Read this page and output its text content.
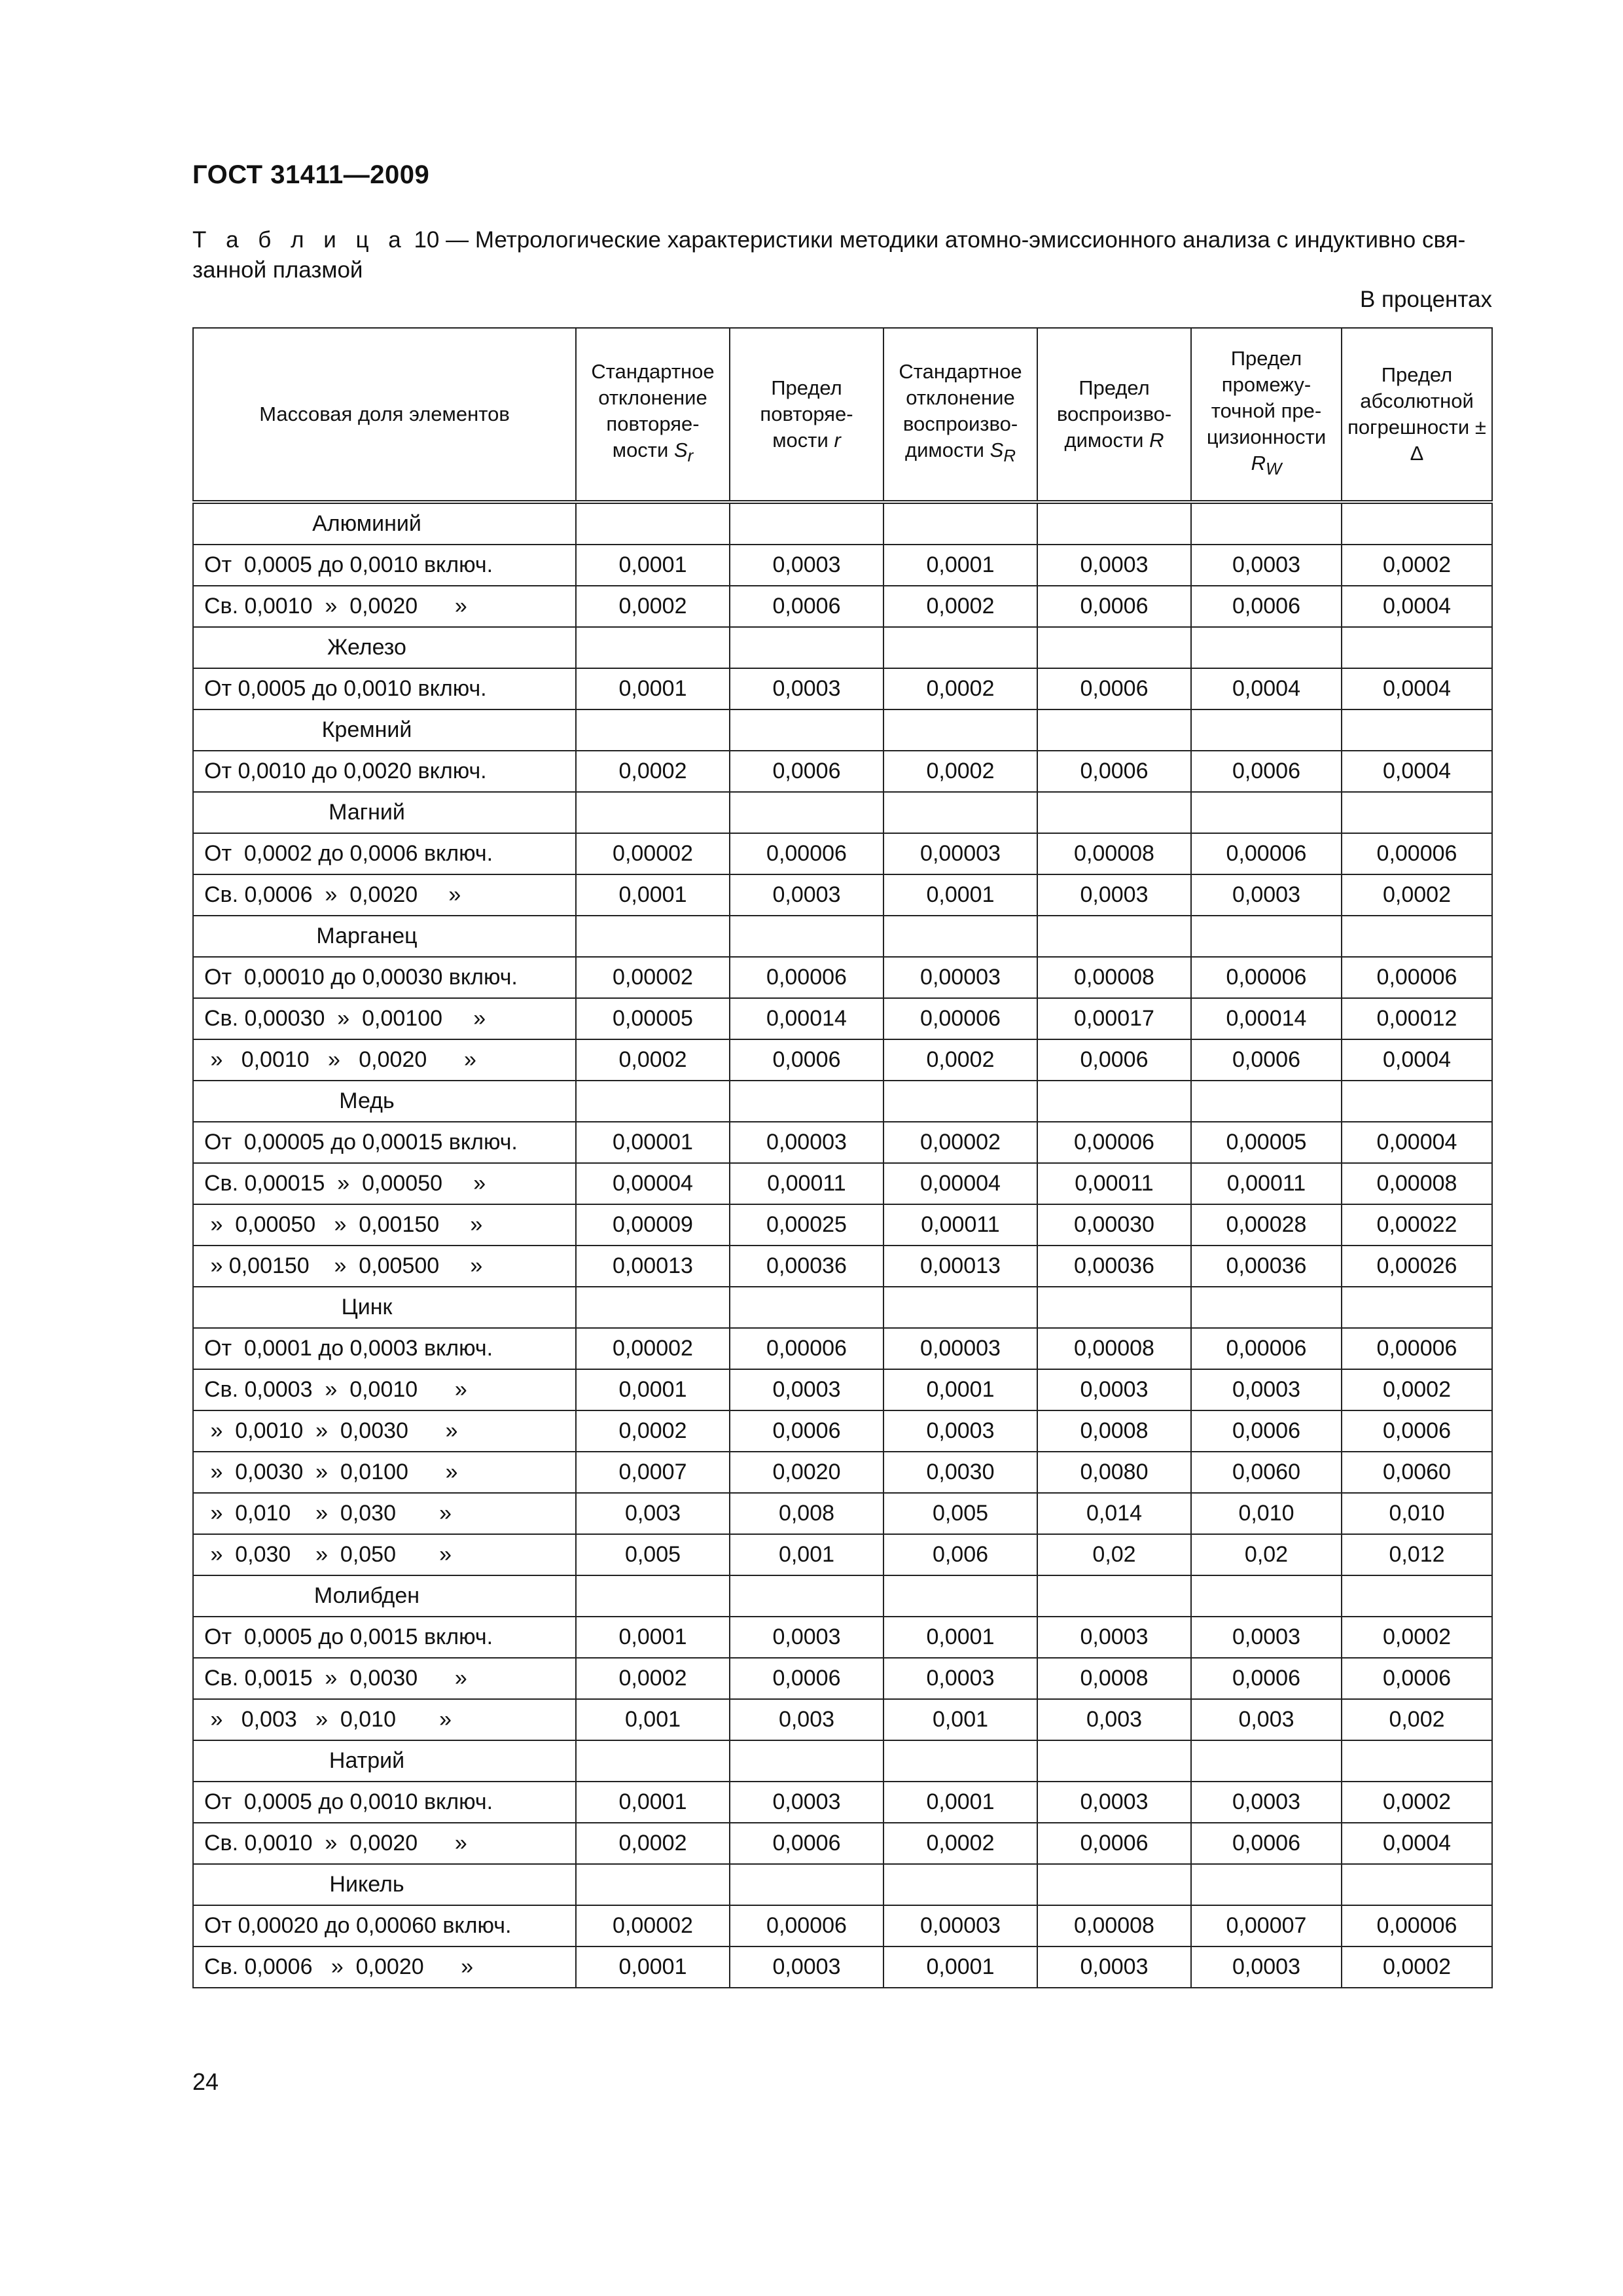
ГОСТ 31411—2009
Т а б л и ц а 10 — Метрологические характеристики методики атомно-эмиссионного анализа с индуктивно свя-занной плазмой
В процентах
Массовая доля элементов	Стандартное отклонение повторяе-мости $S_r$	Предел повторяе-мости r	Стандартное отклонение воспроизво-димости $S_R$	Предел воспроизво-димости R	Предел промежу-точной пре-цизионности $R_W$	Предел абсолютной погрешности ± Δ
Алюминий						
От  0,0005 до 0,0010 включ.	0,0001	0,0003	0,0001	0,0003	0,0003	0,0002
Св. 0,0010  »  0,0020      »	0,0002	0,0006	0,0002	0,0006	0,0006	0,0004
Железо						
От 0,0005 до 0,0010 включ.	0,0001	0,0003	0,0002	0,0006	0,0004	0,0004
Кремний						
От 0,0010 до 0,0020 включ.	0,0002	0,0006	0,0002	0,0006	0,0006	0,0004
Магний						
От  0,0002 до 0,0006 включ.	0,00002	0,00006	0,00003	0,00008	0,00006	0,00006
Св. 0,0006  »  0,0020     »	0,0001	0,0003	0,0001	0,0003	0,0003	0,0002
Марганец						
От  0,00010 до 0,00030 включ.	0,00002	0,00006	0,00003	0,00008	0,00006	0,00006
Св. 0,00030  »  0,00100     »	0,00005	0,00014	0,00006	0,00017	0,00014	0,00012
»   0,0010   »   0,0020      »	0,0002	0,0006	0,0002	0,0006	0,0006	0,0004
Медь						
От  0,00005 до 0,00015 включ.	0,00001	0,00003	0,00002	0,00006	0,00005	0,00004
Св. 0,00015  »  0,00050     »	0,00004	0,00011	0,00004	0,00011	0,00011	0,00008
»  0,00050   »  0,00150     »	0,00009	0,00025	0,00011	0,00030	0,00028	0,00022
» 0,00150    »  0,00500     »	0,00013	0,00036	0,00013	0,00036	0,00036	0,00026
Цинк						
От  0,0001 до 0,0003 включ.	0,00002	0,00006	0,00003	0,00008	0,00006	0,00006
Св. 0,0003  »  0,0010      »	0,0001	0,0003	0,0001	0,0003	0,0003	0,0002
»  0,0010  »  0,0030      »	0,0002	0,0006	0,0003	0,0008	0,0006	0,0006
»  0,0030  »  0,0100      »	0,0007	0,0020	0,0030	0,0080	0,0060	0,0060
»  0,010    »  0,030       »	0,003	0,008	0,005	0,014	0,010	0,010
»  0,030    »  0,050       »	0,005	0,001	0,006	0,02	0,02	0,012
Молибден						
От  0,0005 до 0,0015 включ.	0,0001	0,0003	0,0001	0,0003	0,0003	0,0002
Св. 0,0015  »  0,0030      »	0,0002	0,0006	0,0003	0,0008	0,0006	0,0006
»   0,003   »  0,010       »	0,001	0,003	0,001	0,003	0,003	0,002
Натрий						
От  0,0005 до 0,0010 включ.	0,0001	0,0003	0,0001	0,0003	0,0003	0,0002
Св. 0,0010  »  0,0020      »	0,0002	0,0006	0,0002	0,0006	0,0006	0,0004
Никель						
От 0,00020 до 0,00060 включ.	0,00002	0,00006	0,00003	0,00008	0,00007	0,00006
Св. 0,0006   »  0,0020      »	0,0001	0,0003	0,0001	0,0003	0,0003	0,0002
24
